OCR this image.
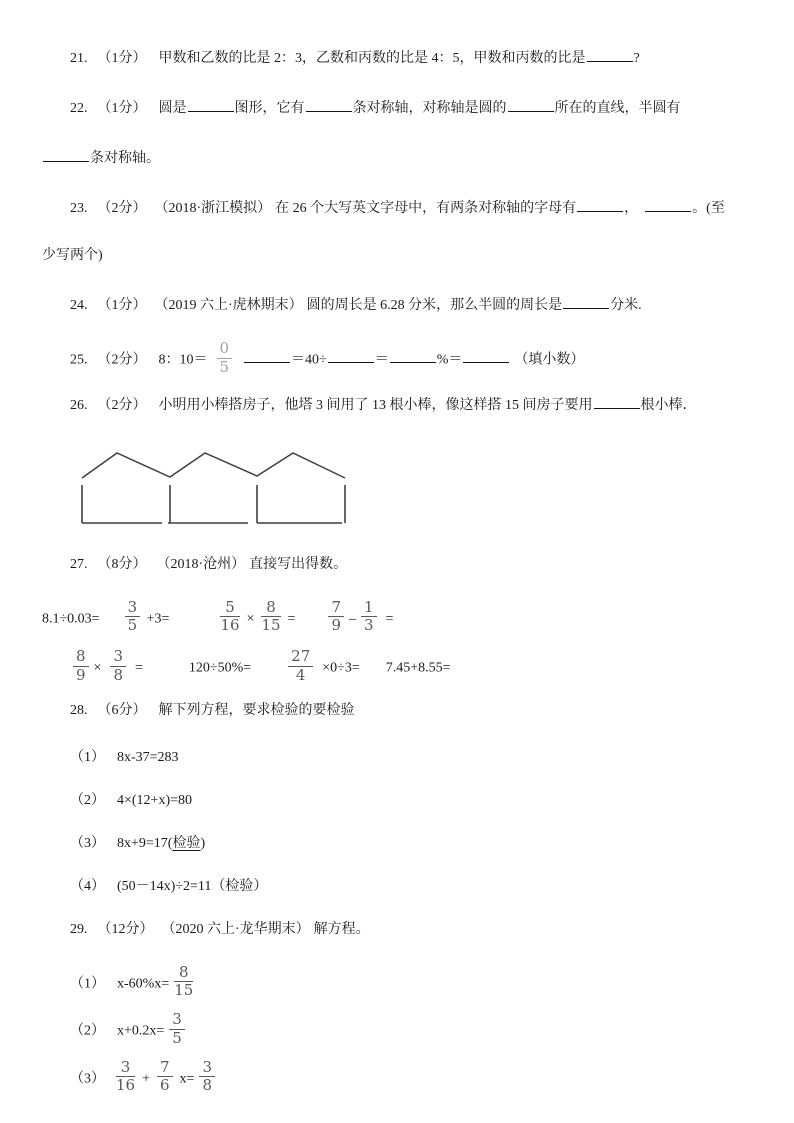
21. （1分） 甲数和乙数的比是 2：3，乙数和丙数的比是 4：5，甲数和丙数的比是	?
22. （1分） 圆是	图形，它有	条对称轴，对称轴是圆的	所在的直线，半圆有
条对称轴。
23. （2分） （2018·浙江模拟） 在 26 个大写英文字母中，有两条对称轴的字母有	，	。(至
少写两个)
24. （1分） （2019 六上·虎林期末） 圆的周长是 6.28 分米，那么半圆的周长是	分米.
25. （2分） 8：$10= \frac{0}{5}$	＝40÷	＝	%＝	（填小数）
26. （2分） 小明用小棒搭房子，他塔 3 间用了 13 根小棒，像这样搭 15 间房子要用	根小棒．
27. （8分） （2018·沧州） 直接写出得数。
$8.1\div 0.03= \frac{3}{5} +3=$	$\frac{5}{16} \times \frac{8}{15} = \frac{7}{9} - \frac{1}{3}$ =
$\frac{8}{9} \times \frac{3}{8}$ =	$120\div 50\%= \frac{27}{4} \times 0\div 3= 7.45+8.55=$
28. （6分） 解下列方程，要求检验的要检验
（1） 8x-37=283
（2） 4×(12+x)=80
（3） 8x+9=17(检验)
（4） (50－14x)÷2=11（检验）
29. （12分） （2020 六上·龙华期末） 解方程。
（1） $x-60\%x= \frac{8}{15}$
（2） $x+0.2x= \frac{3}{5}$
$(3) \frac{3}{16} + \frac{7}{6} x= \frac{3}{8}$
